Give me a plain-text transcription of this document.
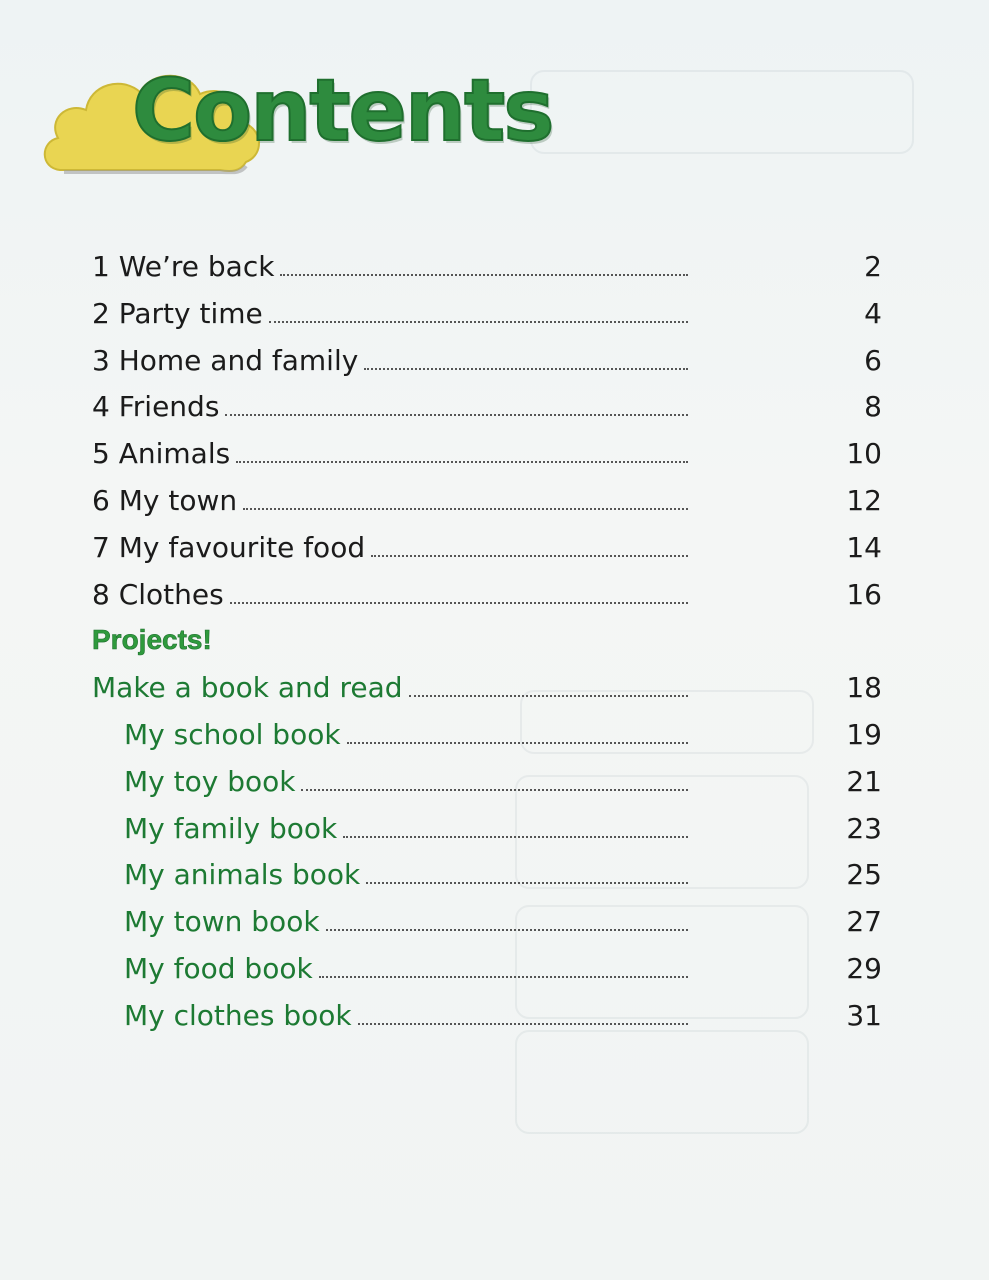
Contents
1 We’re back	2
2 Party time	4
3 Home and family	6
4 Friends	8
5 Animals	10
6 My town	12
7 My favourite food	14
8 Clothes	16
Projects!
Make a book and read	18
My school book	19
My toy book	21
My family book	23
My animals book	25
My town book	27
My food book	29
My clothes book	31
